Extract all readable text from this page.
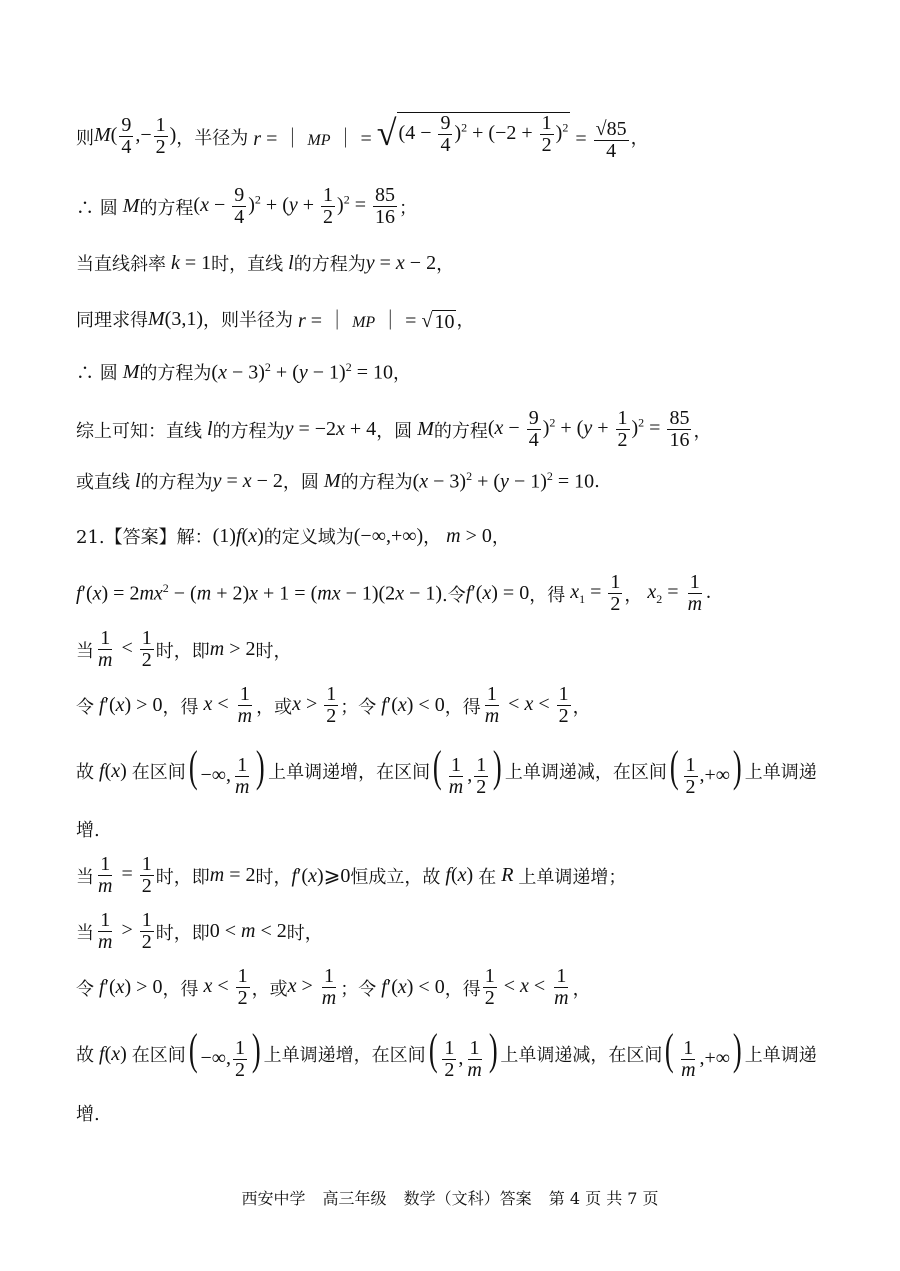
则 $M( \frac{9}{4}$ ,− $\frac{1}{2}$ ) ，半径为 r = ｜ MP ｜ = √ $(4 - \frac{9}{4} )^2 + (-2 + \frac{1}{2} )^2$
= $\frac{√85}{4}$ ，
∴ 圆 M 的方程 $(x - \frac{9}{4} )^2 + (y + \frac{1}{2} )^2 = \frac{85}{16}$ ；
当直线斜率 k = 1 时，直线 l 的方程为 y = x − 2 ，
同理求得 M(3,1) ，则半径为 r = ｜ MP ｜ = √ 10 ，
∴ 圆 M 的方程为 $(x - 3)^2 + (y - 1)^2 = 10$ ，
综上可知：直线 l 的方程为 y = −2x + 4 ，圆 M 的方程 $(x - \frac{9}{4} )^2 + (y + \frac{1}{2} )^2 = \frac{85}{16}$ ，
或直线 l 的方程为 y = x − 2 ，圆 M 的方程为 $(x - 3)^2 + (y - 1)^2 = 10$ .
21.【答案】解： (1)f(x) 的定义域为 (−∞,+∞) ， m > 0 ，
$f'(x) = 2mx^2 - (m + 2)x + 1 = (mx - 1)(2x - 1)$ .令 f′(x) = 0 ，得 $x_1 = \frac{1}{2}$ ， $x_2 = \frac{1}{m}$ .
当 $\frac{1}{m} < \frac{1}{2}$ 时，即 m > 2 时，
令 f′(x) > 0 ，得 $x < \frac{1}{m}$ ，或 $x > \frac{1}{2}$ ；令 f′(x) < 0 ，得 $\frac{1}{m} < x < \frac{1}{2}$ ，
故 f(x) 在区间 ( −∞, $\frac{1}{m}$ ) 上单调递增，在区间 ( $\frac{1}{m}$ , $\frac{1}{2}$ ) 上单调递减，在区间 ( $\frac{1}{2}$ ,+∞) 上单调递
增.
当 $\frac{1}{m} = \frac{1}{2}$ 时，即 m = 2 时， f′(x)⩾0 恒成立，故 f(x) 在 R 上单调递增；
当 $\frac{1}{m} > \frac{1}{2}$ 时，即 0 < m < 2 时，
令 f′(x) > 0 ，得 $x < \frac{1}{2}$ ，或 $x > \frac{1}{m}$ ；令 f′(x) < 0 ，得 $\frac{1}{2} < x < \frac{1}{m}$ ，
故 f(x) 在区间 ( −∞, $\frac{1}{2}$ ) 上单调递增，在区间 ( $\frac{1}{2}$ , $\frac{1}{m}$ ) 上单调递减，在区间 ( $\frac{1}{m}$ ,+∞) 上单调递
增.
西安中学 高三年级 数学（文科）答案 第 4 页 共 7 页
